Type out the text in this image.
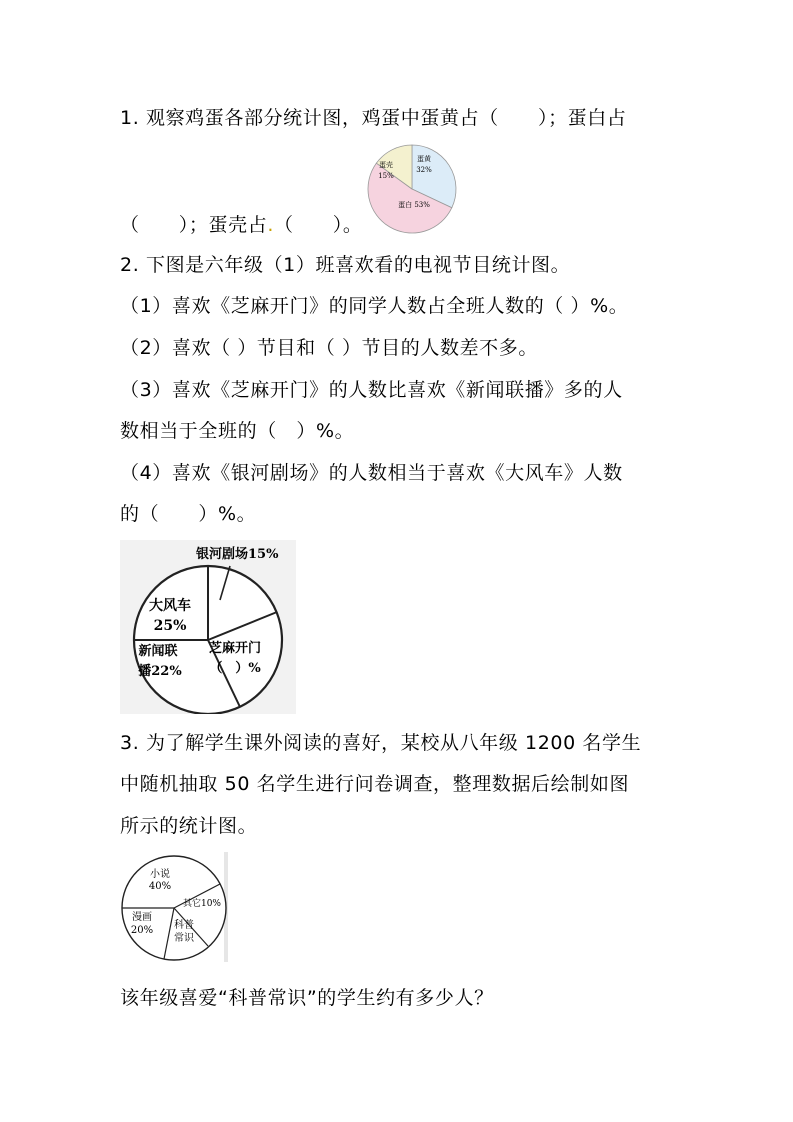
1. 观察鸡蛋各部分统计图，鸡蛋中蛋黄占（　　）；蛋白占
蛋黄
32%
蛋壳
15%
蛋白 53%
（　　）；蛋壳占.（　　）。
2. 下图是六年级（1）班喜欢看的电视节目统计图。
（1）喜欢《芝麻开门》的同学人数占全班人数的（ ）%。
（2）喜欢（ ）节目和（ ）节目的人数差不多。
（3）喜欢《芝麻开门》的人数比喜欢《新闻联播》多的人
数相当于全班的（　）%。
（4）喜欢《银河剧场》的人数相当于喜欢《大风车》人数
的（　　）%。
银河剧场15%
大风车
25%
新闻联
播22%
芝麻开门
（　）%
3. 为了解学生课外阅读的喜好，某校从八年级 1200 名学生
中随机抽取 50 名学生进行问卷调查，整理数据后绘制如图
所示的统计图。
小说
40%
其它10%
漫画
20% 科普
常识
该年级喜爱“科普常识”的学生约有多少人？
